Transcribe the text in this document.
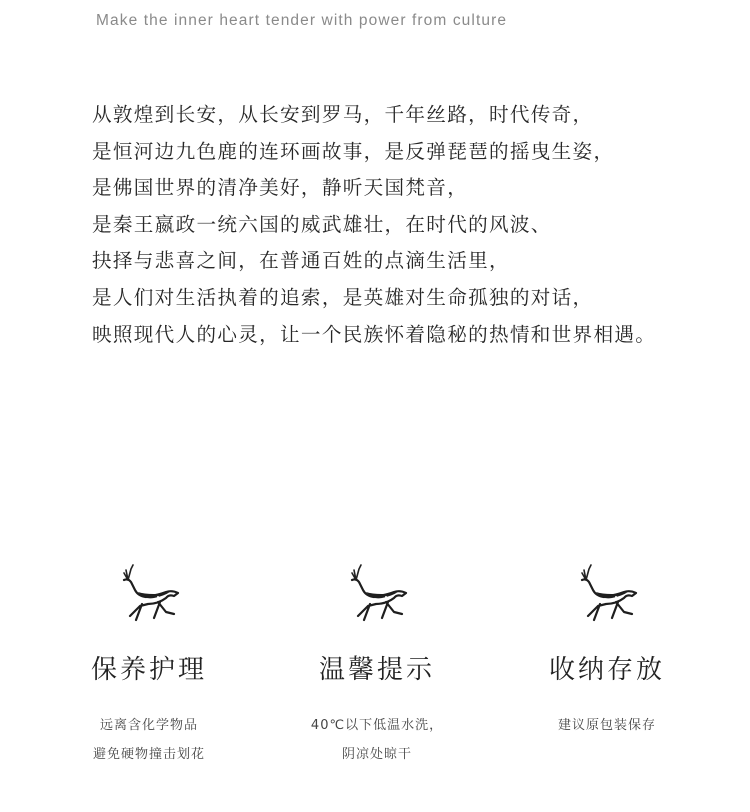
Make the inner heart tender with power from culture
从敦煌到长安，从长安到罗马，千年丝路，时代传奇，
是恒河边九色鹿的连环画故事，是反弹琵琶的摇曳生姿，
是佛国世界的清净美好，静听天国梵音，
是秦王嬴政一统六国的威武雄壮，在时代的风波、
抉择与悲喜之间，在普通百姓的点滴生活里，
是人们对生活执着的追索，是英雄对生命孤独的对话，
映照现代人的心灵，让一个民族怀着隐秘的热情和世界相遇。
保养护理
远离含化学物品
避免硬物撞击划花
温馨提示
40℃以下低温水洗，
阴凉处晾干
收纳存放
建议原包装保存
